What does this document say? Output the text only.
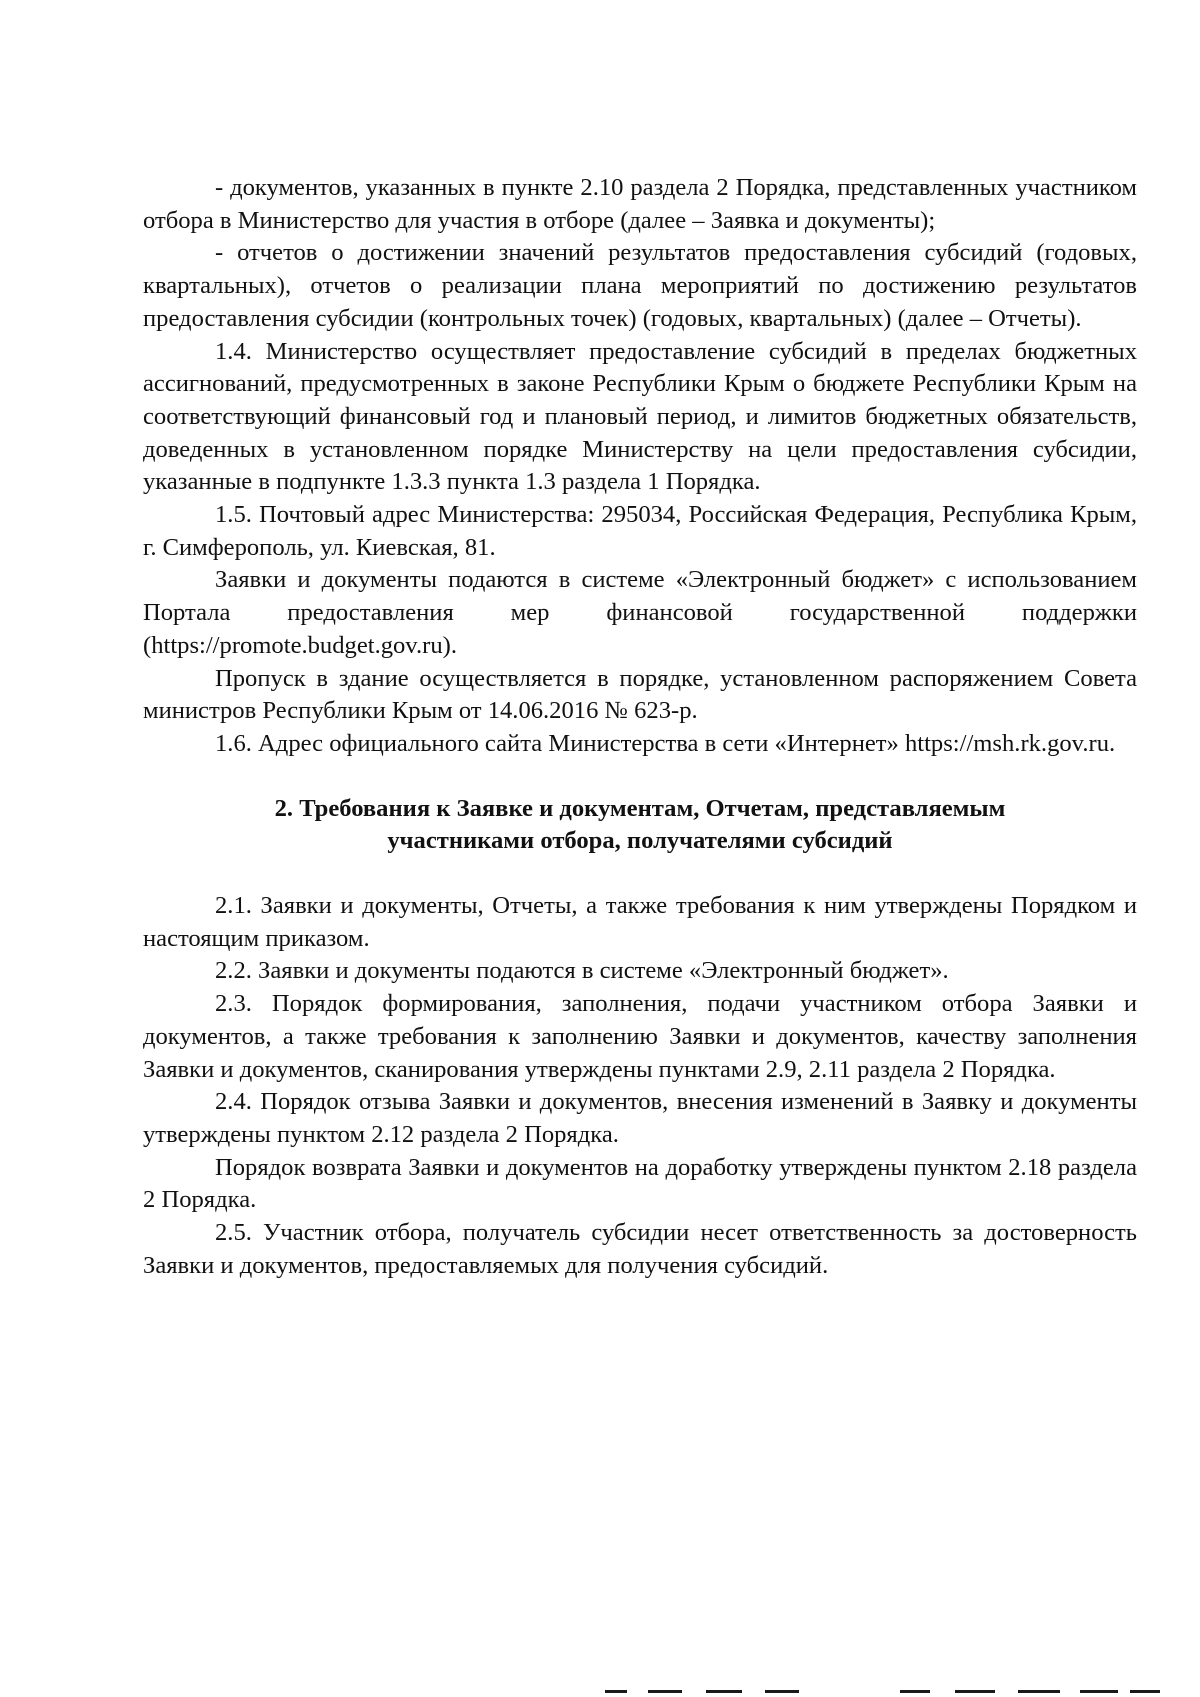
- документов, указанных в пункте 2.10 раздела 2 Порядка, представленных участником отбора в Министерство для участия в отборе (далее – Заявка и документы);

- отчетов о достижении значений результатов предоставления субсидий (годовых, квартальных), отчетов о реализации плана мероприятий по достижению результатов предоставления субсидии (контрольных точек) (годовых, квартальных) (далее – Отчеты).

1.4. Министерство осуществляет предоставление субсидий в пределах бюджетных ассигнований, предусмотренных в законе Республики Крым о бюджете Республики Крым на соответствующий финансовый год и плановый период, и лимитов бюджетных обязательств, доведенных в установленном порядке Министерству на цели предоставления субсидии, указанные в подпункте 1.3.3 пункта 1.3 раздела 1 Порядка.

1.5. Почтовый адрес Министерства: 295034, Российская Федерация, Республика Крым, г. Симферополь, ул. Киевская, 81.

Заявки и документы подаются в системе «Электронный бюджет» с использованием Портала предоставления мер финансовой государственной поддержки (https://promote.budget.gov.ru).

Пропуск в здание осуществляется в порядке, установленном распоряжением Совета министров Республики Крым от 14.06.2016 № 623-р.

1.6. Адрес официального сайта Министерства в сети «Интернет» https://msh.rk.gov.ru.

2. Требования к Заявке и документам, Отчетам, представляемым

участниками отбора, получателями субсидий

2.1. Заявки и документы, Отчеты, а также требования к ним утверждены Порядком и настоящим приказом.

2.2. Заявки и документы подаются в системе «Электронный бюджет».

2.3. Порядок формирования, заполнения, подачи участником отбора Заявки и документов, а также требования к заполнению Заявки и документов, качеству заполнения Заявки и документов, сканирования утверждены пунктами 2.9, 2.11 раздела 2 Порядка.

2.4. Порядок отзыва Заявки и документов, внесения изменений в Заявку и документы утверждены пунктом 2.12 раздела 2 Порядка.

Порядок возврата Заявки и документов на доработку утверждены пунктом 2.18 раздела 2 Порядка.

2.5. Участник отбора, получатель субсидии несет ответственность за достоверность Заявки и документов, предоставляемых для получения субсидий.
